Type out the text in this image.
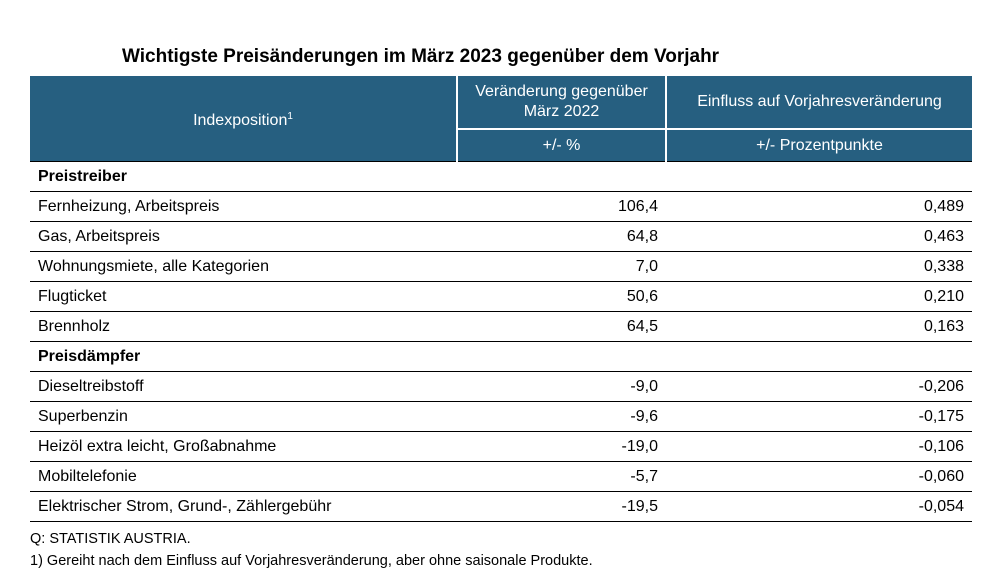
Wichtigste Preisänderungen im März 2023 gegenüber dem Vorjahr
Indexposition$^1$	Veränderung gegenüber März 2022	Einfluss auf Vorjahresveränderung
	+/- %	+/- Prozentpunkte
Preistreiber		
Fernheizung, Arbeitspreis	106,4	0,489
Gas, Arbeitspreis	64,8	0,463
Wohnungsmiete, alle Kategorien	7,0	0,338
Flugticket	50,6	0,210
Brennholz	64,5	0,163
Preisdämpfer		
Dieseltreibstoff	-9,0	-0,206
Superbenzin	-9,6	-0,175
Heizöl extra leicht, Großabnahme	-19,0	-0,106
Mobiltelefonie	-5,7	-0,060
Elektrischer Strom, Grund-, Zählergebühr	-19,5	-0,054
Q: STATISTIK AUSTRIA.
1) Gereiht nach dem Einfluss auf Vorjahresveränderung, aber ohne saisonale Produkte.
